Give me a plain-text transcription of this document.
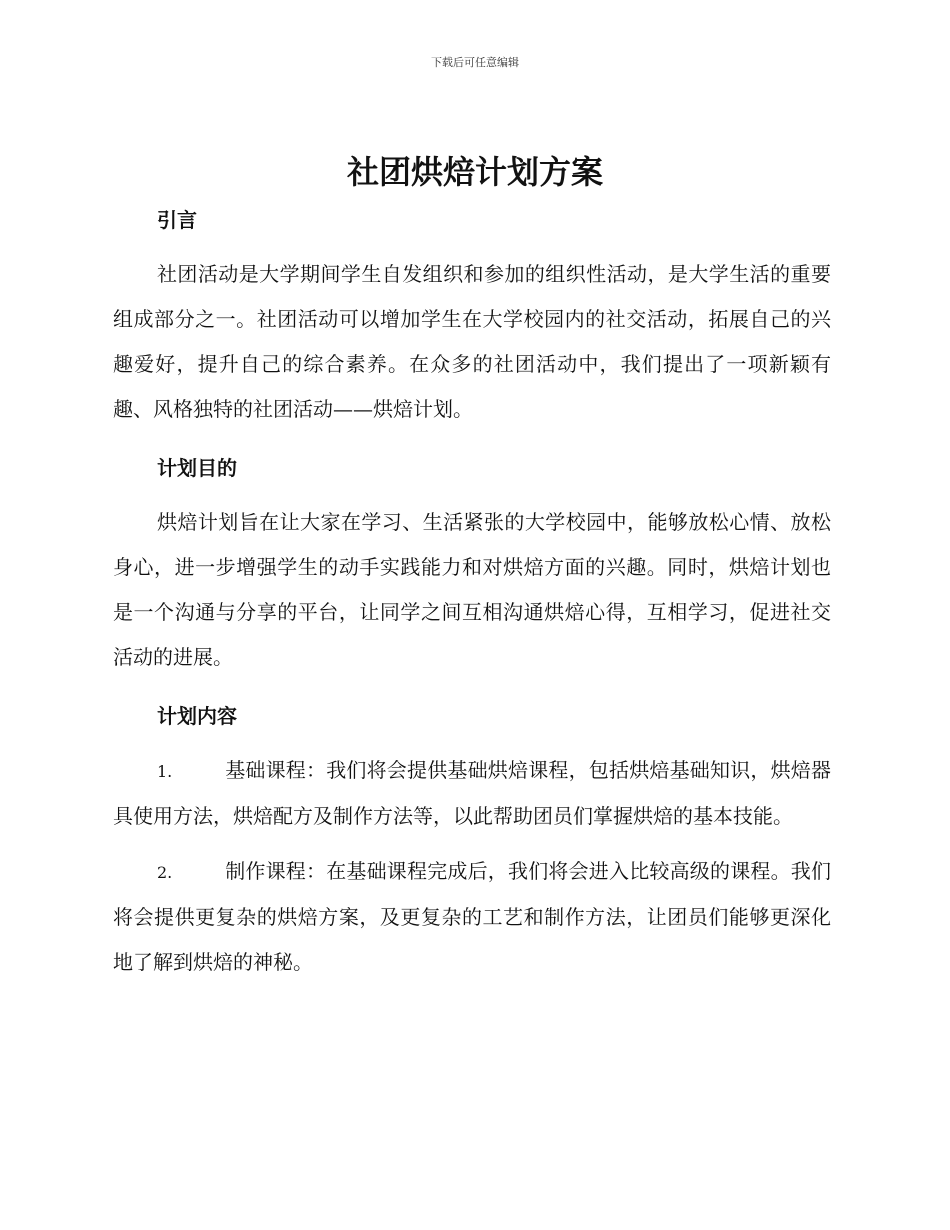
下载后可任意编辑
社团烘焙计划方案
引言

社团活动是大学期间学生自发组织和参加的组织性活动，是大学生活的重要组成部分之一。社团活动可以增加学生在大学校园内的社交活动，拓展自己的兴趣爱好，提升自己的综合素养。在众多的社团活动中，我们提出了一项新颖有趣、风格独特的社团活动——烘焙计划。

计划目的

烘焙计划旨在让大家在学习、生活紧张的大学校园中，能够放松心情、放松身心，进一步增强学生的动手实践能力和对烘焙方面的兴趣。同时，烘焙计划也是一个沟通与分享的平台，让同学之间互相沟通烘焙心得，互相学习，促进社交活动的进展。

计划内容

1.	基础课程：我们将会提供基础烘焙课程，包括烘焙基础知识，烘焙器具使用方法，烘焙配方及制作方法等，以此帮助团员们掌握烘焙的基本技能。

2.	制作课程：在基础课程完成后，我们将会进入比较高级的课程。我们将会提供更复杂的烘焙方案，及更复杂的工艺和制作方法，让团员们能够更深化地了解到烘焙的神秘。
